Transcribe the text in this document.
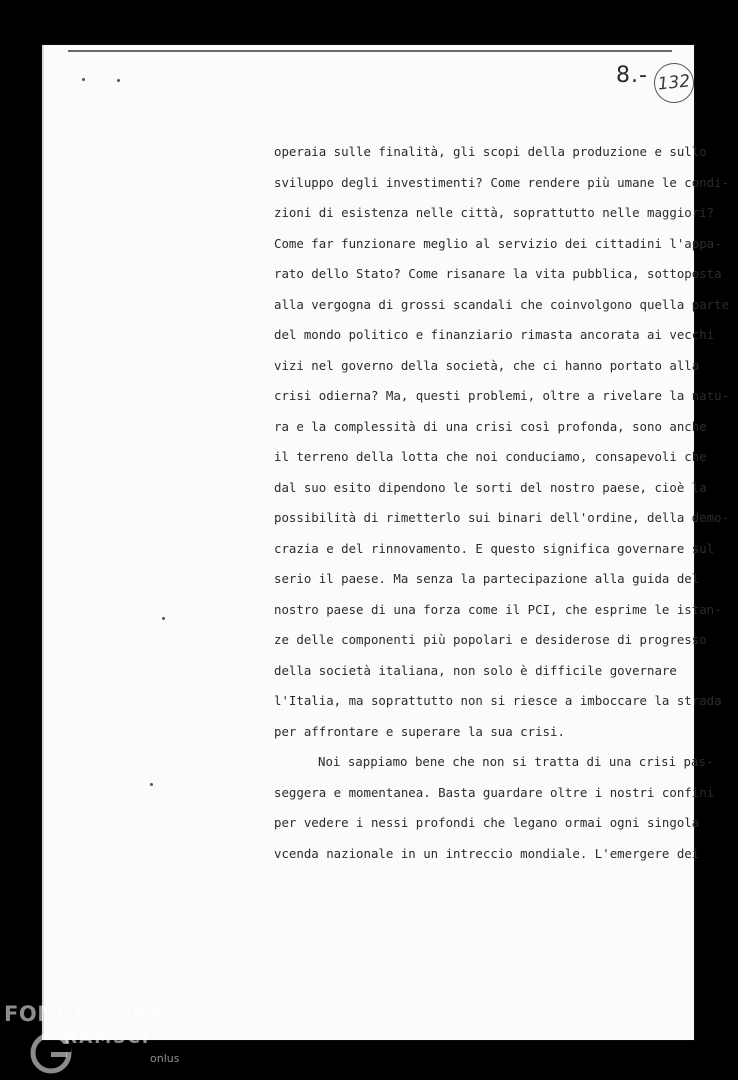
8.- 132
operaia sulle finalità, gli scopi della produzione e sullo
sviluppo degli investimenti? Come rendere più umane le condi-
zioni di esistenza nelle città, soprattutto nelle maggiori?
Come far funzionare meglio al servizio dei cittadini l'appa-
rato dello Stato? Come risanare la vita pubblica, sottoposta
alla vergogna di grossi scandali che coinvolgono quella parte
del mondo politico e finanziario rimasta ancorata ai vecchi
vizi nel governo della società, che ci hanno portato alla
crisi odierna? Ma, questi problemi, oltre a rivelare la natu-
ra e la complessità di una crisi così profonda, sono anche
il terreno della lotta che noi conduciamo, consapevoli che
dal suo esito dipendono le sorti del nostro paese, cioè la
possibilità di rimetterlo sui binari dell'ordine, della demo-
crazia e del rinnovamento. E questo significa governare sul
serio il paese. Ma senza la partecipazione alla guida del
nostro paese di una forza come il PCI, che esprime le istan-
ze delle componenti più popolari e desiderose di progresso
della società italiana, non solo è difficile governare
l'Italia, ma soprattutto non si riesce a imboccare la strada
per affrontare e superare la sua crisi.
Noi sappiamo bene che non si tratta di una crisi pas-
seggera e momentanea. Basta guardare oltre i nostri confini
per vedere i nessi profondi che legano ormai ogni singola
vcenda nazionale in un intreccio mondiale. L'emergere dei
FONDAZIONE
RAMSCI
onlus
